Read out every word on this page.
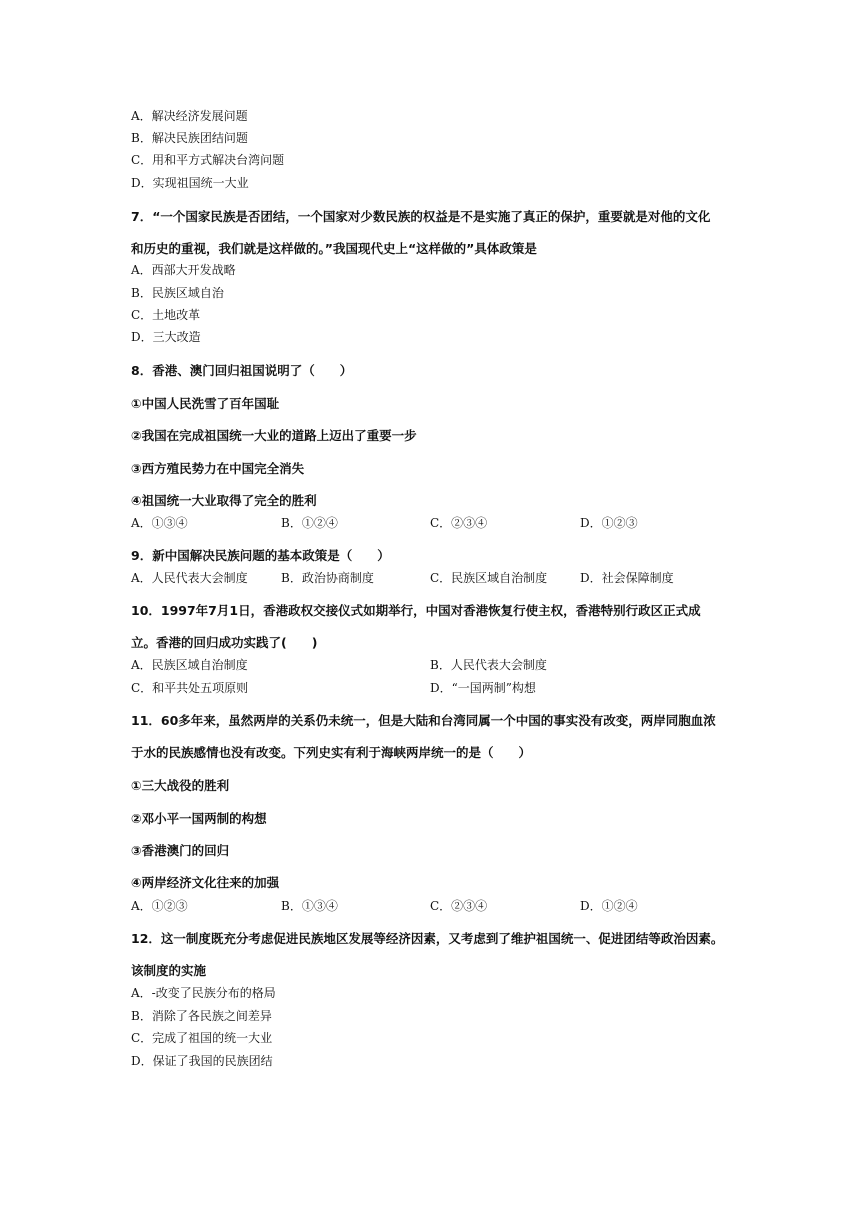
A．解决经济发展问题
B．解决民族团结问题
C．用和平方式解决台湾问题
D．实现祖国统一大业
7．“一个国家民族是否团结，一个国家对少数民族的权益是不是实施了真正的保护，重要就是对他的文化
和历史的重视，我们就是这样做的。”我国现代史上“这样做的”具体政策是
A．西部大开发战略
B．民族区域自治
C．土地改革
D．三大改造
8．香港、澳门回归祖国说明了（　　）
①中国人民洗雪了百年国耻
②我国在完成祖国统一大业的道路上迈出了重要一步
③西方殖民势力在中国完全消失
④祖国统一大业取得了完全的胜利
A．①③④	B．①②④	C．②③④	D．①②③
9．新中国解决民族问题的基本政策是（　　）
A．人民代表大会制度	B．政治协商制度	C．民族区域自治制度	D．社会保障制度
10．1997年7月1日，香港政权交接仪式如期举行，中国对香港恢复行使主权，香港特别行政区正式成
立。香港的回归成功实践了(　　)
A．民族区域自治制度	B．人民代表大会制度
C．和平共处五项原则	D．“一国两制”构想
11．60多年来，虽然两岸的关系仍未统一，但是大陆和台湾同属一个中国的事实没有改变，两岸同胞血浓
于水的民族感情也没有改变。下列史实有利于海峡两岸统一的是（　　）
①三大战役的胜利
②邓小平一国两制的构想
③香港澳门的回归
④两岸经济文化往来的加强
A．①②③	B．①③④	C．②③④	D．①②④
12．这一制度既充分考虑促进民族地区发展等经济因素，又考虑到了维护祖国统一、促进团结等政治因素。
该制度的实施
A．-改变了民族分布的格局
B．消除了各民族之间差异
C．完成了祖国的统一大业
D．保证了我国的民族团结
